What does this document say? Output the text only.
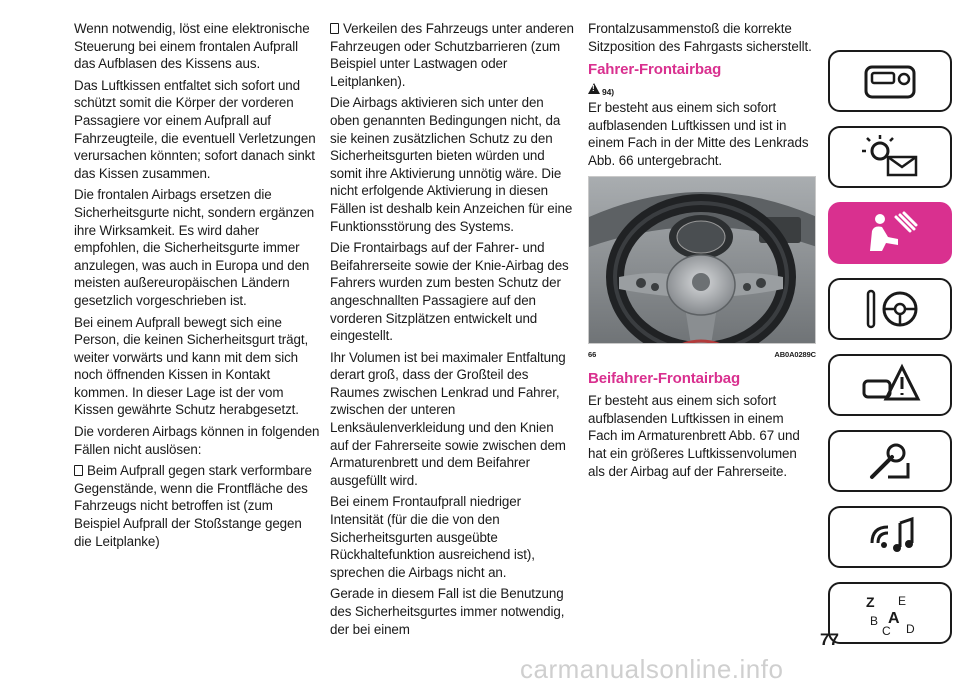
Wenn notwendig, löst eine elektronische Steuerung bei einem frontalen Aufprall das Aufblasen des Kissens aus.

Das Luftkissen entfaltet sich sofort und schützt somit die Körper der vorderen Passagiere vor einem Aufprall auf Fahrzeugteile, die eventuell Verletzungen verursachen könnten; sofort danach sinkt das Kissen zusammen.

Die frontalen Airbags ersetzen die Sicherheitsgurte nicht, sondern ergänzen ihre Wirksamkeit. Es wird daher empfohlen, die Sicherheitsgurte immer anzulegen, was auch in Europa und den meisten außereuropäischen Ländern gesetzlich vorgeschrieben ist.

Bei einem Aufprall bewegt sich eine Person, die keinen Sicherheitsgurt trägt, weiter vorwärts und kann mit dem sich noch öffnenden Kissen in Kontakt kommen. In dieser Lage ist der vom Kissen gewährte Schutz herabgesetzt.

Die vorderen Airbags können in folgenden Fällen nicht auslösen:

Beim Aufprall gegen stark verformbare Gegenstände, wenn die Frontfläche des Fahrzeugs nicht betroffen ist (zum Beispiel Aufprall der Stoßstange gegen die Leitplanke)

Verkeilen des Fahrzeugs unter anderen Fahrzeugen oder Schutzbarrieren (zum Beispiel unter Lastwagen oder Leitplanken).

Die Airbags aktivieren sich unter den oben genannten Bedingungen nicht, da sie keinen zusätzlichen Schutz zu den Sicherheitsgurten bieten würden und somit ihre Aktivierung unnötig wäre. Die nicht erfolgende Aktivierung in diesen Fällen ist deshalb kein Anzeichen für eine Funktionsstörung des Systems.

Die Frontairbags auf der Fahrer- und Beifahrerseite sowie der Knie-Airbag des Fahrers wurden zum besten Schutz der angeschnallten Passagiere auf den vorderen Sitzplätzen entwickelt und eingestellt.

Ihr Volumen ist bei maximaler Entfaltung derart groß, dass der Großteil des Raumes zwischen Lenkrad und Fahrer, zwischen der unteren Lenksäulenverkleidung und den Knien auf der Fahrerseite sowie zwischen dem Armaturenbrett und dem Beifahrer ausgefüllt wird.

Bei einem Frontaufprall niedriger Intensität (für die die von den Sicherheitsgurten ausgeübte Rückhaltefunktion ausreichend ist), sprechen die Airbags nicht an.

Gerade in diesem Fall ist die Benutzung des Sicherheitsgurtes immer notwendig, der bei einem

Frontalzusammenstoß die korrekte Sitzposition des Fahrgasts sicherstellt.

Fahrer-Frontairbag
!
94)

Er besteht aus einem sich sofort aufblasenden Luftkissen und ist in einem Fach in der Mitte des Lenkrads Abb. 66 untergebracht.

66	AB0A0289C
Beifahrer-Frontairbag

Er besteht aus einem sich sofort aufblasenden Luftkissen in einem Fach im Armaturenbrett Abb. 67 und hat ein größeres Luftkissenvolumen als der Airbag auf der Fahrerseite.

Z E
B A
C D
77
carmanualsonline.info
